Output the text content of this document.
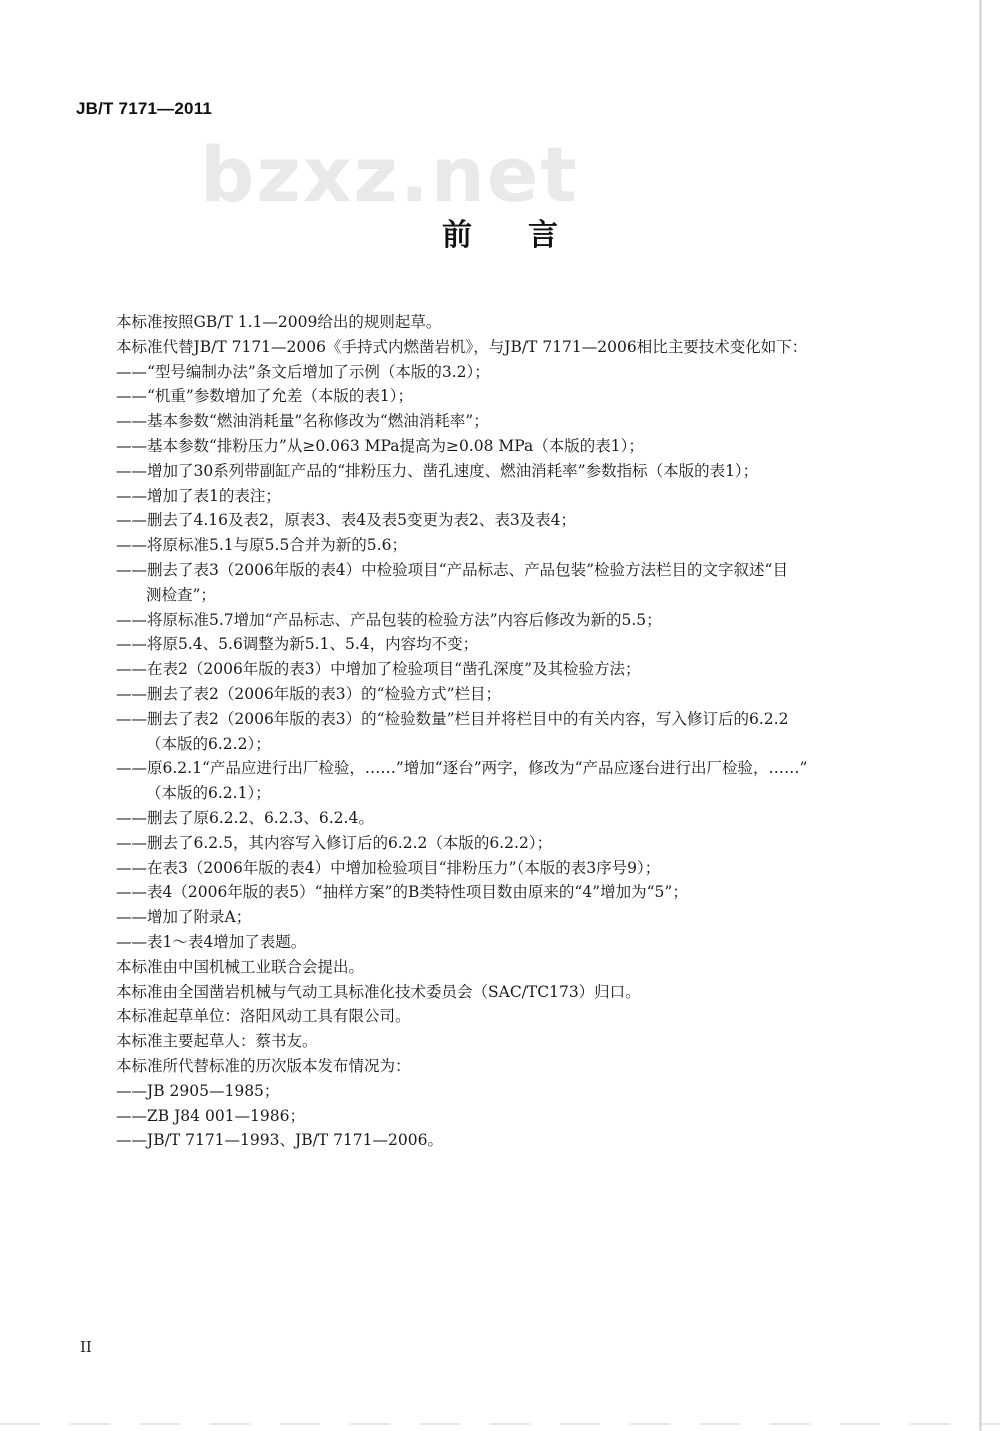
JB/T 7171—2011
bzxz.net
前 言
本标准按照GB/T 1.1—2009给出的规则起草。
本标准代替JB/T 7171—2006《手持式内燃凿岩机》，与JB/T 7171—2006相比主要技术变化如下：
——“型号编制办法”条文后增加了示例（本版的3.2）；
——“机重”参数增加了允差（本版的表1）；
——基本参数“燃油消耗量”名称修改为“燃油消耗率”；
——基本参数“排粉压力”从≥0.063 MPa提高为≥0.08 MPa（本版的表1）；
——增加了30系列带副缸产品的“排粉压力、凿孔速度、燃油消耗率”参数指标（本版的表1）；
——增加了表1的表注；
——删去了4.16及表2，原表3、表4及表5变更为表2、表3及表4；
——将原标准5.1与原5.5合并为新的5.6；
——删去了表3（2006年版的表4）中检验项目“产品标志、产品包装”检验方法栏目的文字叙述“目
测检查”；
——将原标准5.7增加“产品标志、产品包装的检验方法”内容后修改为新的5.5；
——将原5.4、5.6调整为新5.1、5.4，内容均不变；
——在表2（2006年版的表3）中增加了检验项目“凿孔深度”及其检验方法；
——删去了表2（2006年版的表3）的“检验方式”栏目；
——删去了表2（2006年版的表3）的“检验数量”栏目并将栏目中的有关内容，写入修订后的6.2.2
（本版的6.2.2）；
——原6.2.1“产品应进行出厂检验，……”增加“逐台”两字，修改为“产品应逐台进行出厂检验，……”
（本版的6.2.1）；
——删去了原6.2.2、6.2.3、6.2.4。
——删去了6.2.5，其内容写入修订后的6.2.2（本版的6.2.2）；
——在表3（2006年版的表4）中增加检验项目“排粉压力”（本版的表3序号9）；
——表4（2006年版的表5）“抽样方案”的B类特性项目数由原来的“4”增加为“5”；
——增加了附录A；
——表1～表4增加了表题。
本标准由中国机械工业联合会提出。
本标准由全国凿岩机械与气动工具标准化技术委员会（SAC/TC173）归口。
本标准起草单位：洛阳风动工具有限公司。
本标准主要起草人：蔡书友。
本标准所代替标准的历次版本发布情况为：
——JB 2905—1985；
——ZB J84 001—1986；
——JB/T 7171—1993、JB/T 7171—2006。
II
